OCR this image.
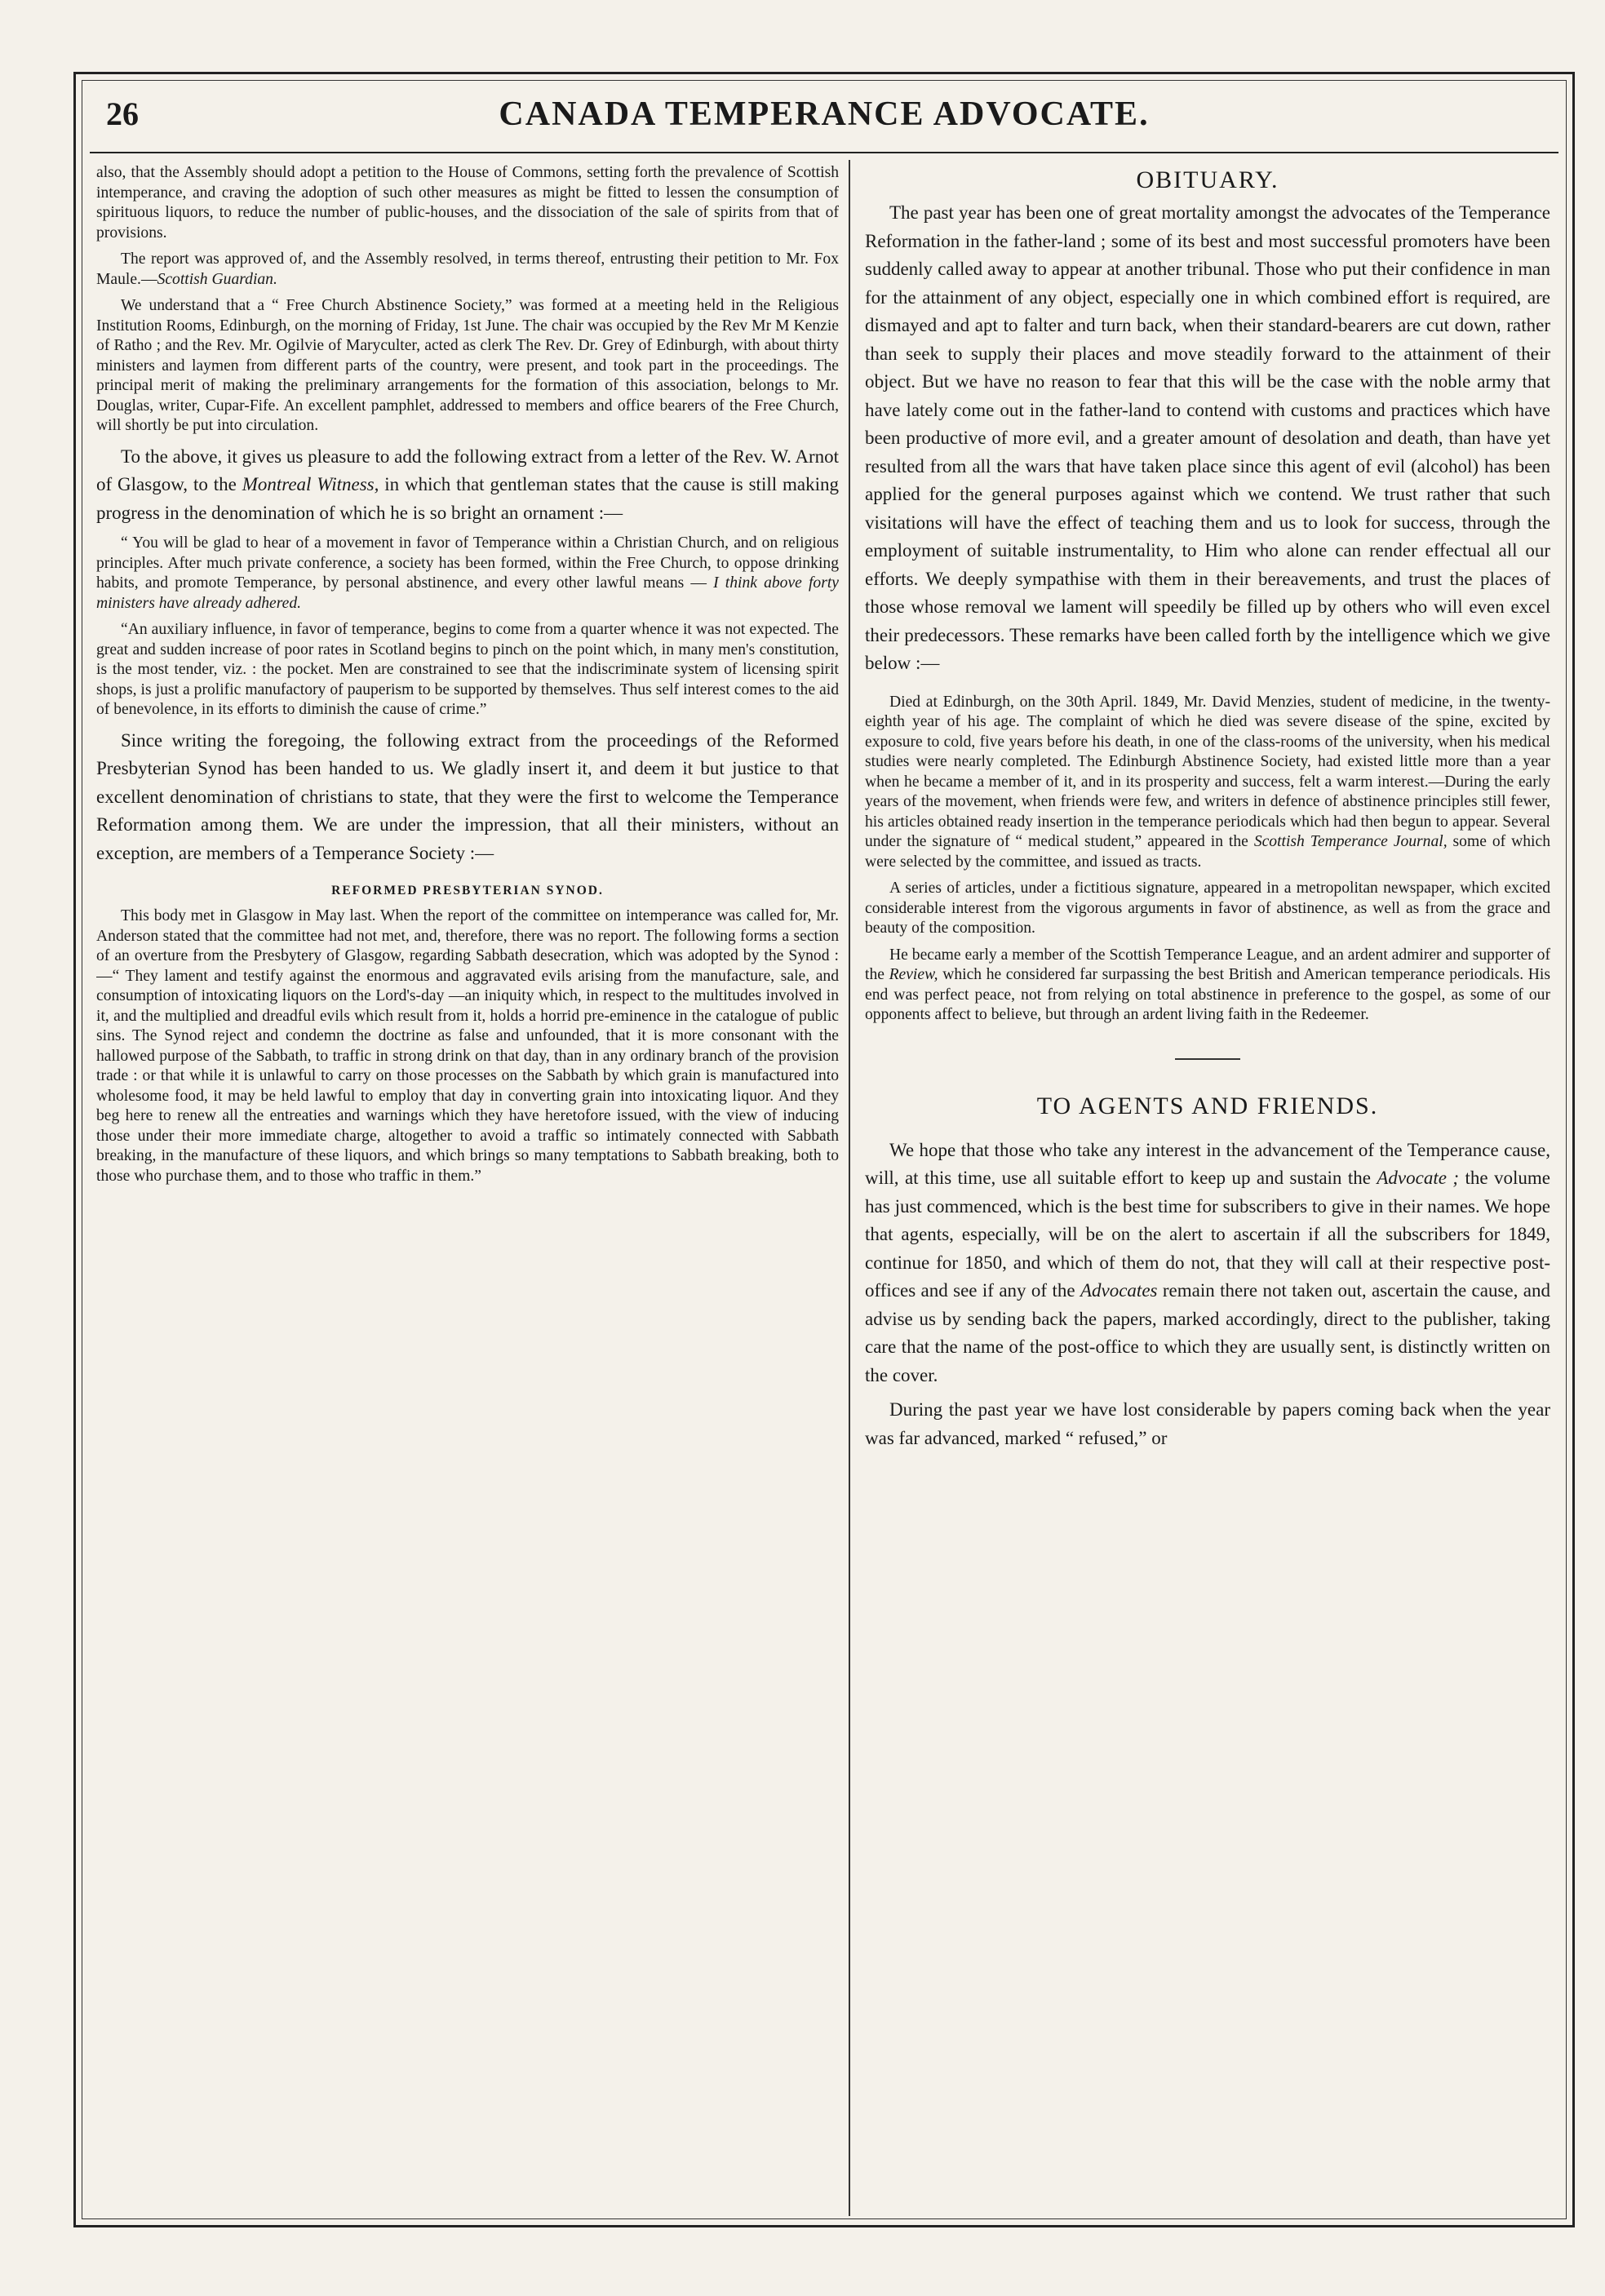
26	CANADA TEMPERANCE ADVOCATE.

also, that the Assembly should adopt a petition to the House of Commons, setting forth the prevalence of Scottish intemperance, and craving the adoption of such other measures as might be fitted to lessen the consumption of spirituous liquors, to reduce the number of public-houses, and the dissociation of the sale of spirits from that of provisions.

The report was approved of, and the Assembly resolved, in terms thereof, entrusting their petition to Mr. Fox Maule.—Scottish Guardian.

We understand that a “ Free Church Abstinence Society,” was formed at a meeting held in the Religious Institution Rooms, Edinburgh, on the morning of Friday, 1st June. The chair was occupied by the Rev Mr M Kenzie of Ratho ; and the Rev. Mr. Ogilvie of Maryculter, acted as clerk The Rev. Dr. Grey of Edinburgh, with about thirty ministers and laymen from different parts of the country, were present, and took part in the proceedings. The principal merit of making the preliminary arrangements for the formation of this association, belongs to Mr. Douglas, writer, Cupar-Fife. An excellent pamphlet, addressed to members and office bearers of the Free Church, will shortly be put into circulation.

To the above, it gives us pleasure to add the following extract from a letter of the Rev. W. Arnot of Glasgow, to the Montreal Witness, in which that gentleman states that the cause is still making progress in the denomination of which he is so bright an ornament :—

“ You will be glad to hear of a movement in favor of Temperance within a Christian Church, and on religious principles. After much private conference, a society has been formed, within the Free Church, to oppose drinking habits, and promote Temperance, by personal abstinence, and every other lawful means — I think above forty ministers have already adhered.

“An auxiliary influence, in favor of temperance, begins to come from a quarter whence it was not expected. The great and sudden increase of poor rates in Scotland begins to pinch on the point which, in many men's constitution, is the most tender, viz. : the pocket. Men are constrained to see that the indiscriminate system of licensing spirit shops, is just a prolific manufactory of pauperism to be supported by themselves. Thus self interest comes to the aid of benevolence, in its efforts to diminish the cause of crime.”

Since writing the foregoing, the following extract from the proceedings of the Reformed Presbyterian Synod has been handed to us. We gladly insert it, and deem it but justice to that excellent denomination of christians to state, that they were the first to welcome the Temperance Reformation among them. We are under the impression, that all their ministers, without an exception, are members of a Temperance Society :—

REFORMED PRESBYTERIAN SYNOD.

This body met in Glasgow in May last. When the report of the committee on intemperance was called for, Mr. Anderson stated that the committee had not met, and, therefore, there was no report. The following forms a section of an overture from the Presbytery of Glasgow, regarding Sabbath desecration, which was adopted by the Synod :—“ They lament and testify against the enormous and aggravated evils arising from the manufacture, sale, and consumption of intoxicating liquors on the Lord's-day —an iniquity which, in respect to the multitudes involved in it, and the multiplied and dreadful evils which result from it, holds a horrid pre-eminence in the catalogue of public sins. The Synod reject and condemn the doctrine as false and unfounded, that it is more consonant with the hallowed purpose of the Sabbath, to traffic in strong drink on that day, than in any ordinary branch of the provision trade : or that while it is unlawful to carry on those processes on the Sabbath by which grain is manufactured into wholesome food, it may be held lawful to employ that day in converting grain into intoxicating liquor. And they beg here to renew all the entreaties and warnings which they have heretofore issued, with the view of inducing those under their more immediate charge, altogether to avoid a traffic so intimately connected with Sabbath breaking, in the manufacture of these liquors, and which brings so many temptations to Sabbath breaking, both to those who purchase them, and to those who traffic in them.”

OBITUARY.

The past year has been one of great mortality amongst the advocates of the Temperance Reformation in the father-land ; some of its best and most successful promoters have been suddenly called away to appear at another tribunal. Those who put their confidence in man for the attainment of any object, especially one in which combined effort is required, are dismayed and apt to falter and turn back, when their standard-bearers are cut down, rather than seek to supply their places and move steadily forward to the attainment of their object. But we have no reason to fear that this will be the case with the noble army that have lately come out in the father-land to contend with customs and practices which have been productive of more evil, and a greater amount of desolation and death, than have yet resulted from all the wars that have taken place since this agent of evil (alcohol) has been applied for the general purposes against which we contend. We trust rather that such visitations will have the effect of teaching them and us to look for success, through the employment of suitable instrumentality, to Him who alone can render effectual all our efforts. We deeply sympathise with them in their bereavements, and trust the places of those whose removal we lament will speedily be filled up by others who will even excel their predecessors. These remarks have been called forth by the intelligence which we give below :—

Died at Edinburgh, on the 30th April. 1849, Mr. David Menzies, student of medicine, in the twenty-eighth year of his age. The complaint of which he died was severe disease of the spine, excited by exposure to cold, five years before his death, in one of the class-rooms of the university, when his medical studies were nearly completed. The Edinburgh Abstinence Society, had existed little more than a year when he became a member of it, and in its prosperity and success, felt a warm interest.—During the early years of the movement, when friends were few, and writers in defence of abstinence principles still fewer, his articles obtained ready insertion in the temperance periodicals which had then begun to appear. Several under the signature of “ medical student,” appeared in the Scottish Temperance Journal, some of which were selected by the committee, and issued as tracts.

A series of articles, under a fictitious signature, appeared in a metropolitan newspaper, which excited considerable interest from the vigorous arguments in favor of abstinence, as well as from the grace and beauty of the composition.

He became early a member of the Scottish Temperance League, and an ardent admirer and supporter of the Review, which he considered far surpassing the best British and American temperance periodicals. His end was perfect peace, not from relying on total abstinence in preference to the gospel, as some of our opponents affect to believe, but through an ardent living faith in the Redeemer.

TO AGENTS AND FRIENDS.

We hope that those who take any interest in the advancement of the Temperance cause, will, at this time, use all suitable effort to keep up and sustain the Advocate ; the volume has just commenced, which is the best time for subscribers to give in their names. We hope that agents, especially, will be on the alert to ascertain if all the subscribers for 1849, continue for 1850, and which of them do not, that they will call at their respective post-offices and see if any of the Advocates remain there not taken out, ascertain the cause, and advise us by sending back the papers, marked accordingly, direct to the publisher, taking care that the name of the post-office to which they are usually sent, is distinctly written on the cover.

During the past year we have lost considerable by papers coming back when the year was far advanced, marked “ refused,” or
